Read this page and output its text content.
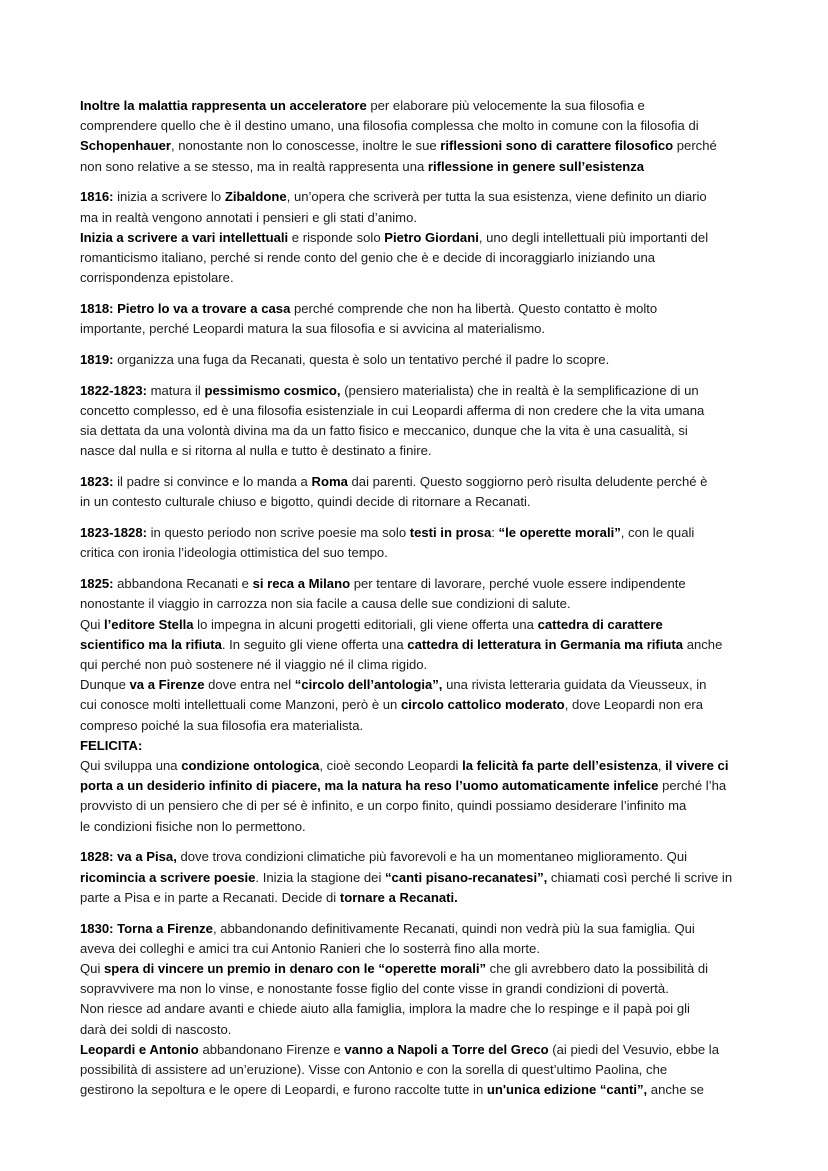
Inoltre la malattia rappresenta un acceleratore per elaborare più velocemente la sua filosofia e
comprendere quello che è il destino umano, una filosofia complessa che molto in comune con la filosofia di
Schopenhauer, nonostante non lo conoscesse, inoltre le sue riflessioni sono di carattere filosofico perché
non sono relative a se stesso, ma in realtà rappresenta una riflessione in genere sull’esistenza
1816: inizia a scrivere lo Zibaldone, un’opera che scriverà per tutta la sua esistenza, viene definito un diario
ma in realtà vengono annotati i pensieri e gli stati d’animo.
Inizia a scrivere a vari intellettuali e risponde solo Pietro Giordani, uno degli intellettuali più importanti del
romanticismo italiano, perché si rende conto del genio che è e decide di incoraggiarlo iniziando una
corrispondenza epistolare.
1818: Pietro lo va a trovare a casa perché comprende che non ha libertà. Questo contatto è molto
importante, perché Leopardi matura la sua filosofia e si avvicina al materialismo.
1819: organizza una fuga da Recanati, questa è solo un tentativo perché il padre lo scopre.
1822-1823: matura il pessimismo cosmico, (pensiero materialista) che in realtà è la semplificazione di un
concetto complesso, ed è una filosofia esistenziale in cui Leopardi afferma di non credere che la vita umana
sia dettata da una volontà divina ma da un fatto fisico e meccanico, dunque che la vita è una casualità, si
nasce dal nulla e si ritorna al nulla e tutto è destinato a finire.
1823: il padre si convince e lo manda a Roma dai parenti. Questo soggiorno però risulta deludente perché è
in un contesto culturale chiuso e bigotto, quindi decide di ritornare a Recanati.
1823-1828: in questo periodo non scrive poesie ma solo testi in prosa: “le operette morali”, con le quali
critica con ironia l’ideologia ottimistica del suo tempo.
1825: abbandona Recanati e si reca a Milano per tentare di lavorare, perché vuole essere indipendente
nonostante il viaggio in carrozza non sia facile a causa delle sue condizioni di salute.
Qui l’editore Stella lo impegna in alcuni progetti editoriali, gli viene offerta una cattedra di carattere
scientifico ma la rifiuta. In seguito gli viene offerta una cattedra di letteratura in Germania ma rifiuta anche
qui perché non può sostenere né il viaggio né il clima rigido.
Dunque va a Firenze dove entra nel “circolo dell’antologia”, una rivista letteraria guidata da Vieusseux, in
cui conosce molti intellettuali come Manzoni, però è un circolo cattolico moderato, dove Leopardi non era
compreso poiché la sua filosofia era materialista.
FELICITA:
Qui sviluppa una condizione ontologica, cioè secondo Leopardi la felicità fa parte dell’esistenza, il vivere ci
porta a un desiderio infinito di piacere, ma la natura ha reso l’uomo automaticamente infelice perché l’ha
provvisto di un pensiero che di per sé è infinito, e un corpo finito, quindi possiamo desiderare l’infinito ma
le condizioni fisiche non lo permettono.
1828: va a Pisa, dove trova condizioni climatiche più favorevoli e ha un momentaneo miglioramento. Qui
ricomincia a scrivere poesie. Inizia la stagione dei “canti pisano-recanatesi”, chiamati così perché li scrive in
parte a Pisa e in parte a Recanati. Decide di tornare a Recanati.
1830: Torna a Firenze, abbandonando definitivamente Recanati, quindi non vedrà più la sua famiglia. Qui
aveva dei colleghi e amici tra cui Antonio Ranieri che lo sosterrà fino alla morte.
Qui spera di vincere un premio in denaro con le “operette morali” che gli avrebbero dato la possibilità di
sopravvivere ma non lo vinse, e nonostante fosse figlio del conte visse in grandi condizioni di povertà.
Non riesce ad andare avanti e chiede aiuto alla famiglia, implora la madre che lo respinge e il papà poi gli
darà dei soldi di nascosto.
Leopardi e Antonio abbandonano Firenze e vanno a Napoli a Torre del Greco (ai piedi del Vesuvio, ebbe la
possibilità di assistere ad un’eruzione). Visse con Antonio e con la sorella di quest’ultimo Paolina, che
gestirono la sepoltura e le opere di Leopardi, e furono raccolte tutte in un'unica edizione “canti”, anche se
